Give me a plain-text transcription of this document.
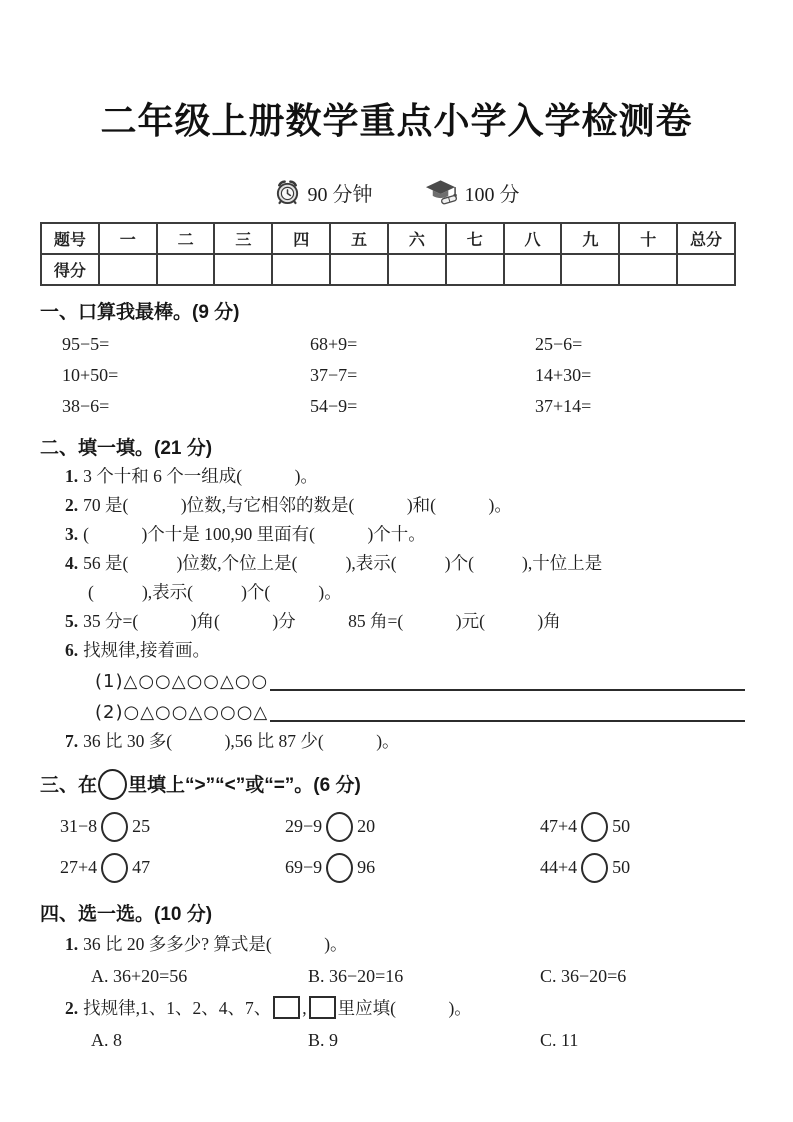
二年级上册数学重点小学入学检测卷
90 分钟	100 分
题号	一	二	三	四	五	六	七	八	九	十	总分
得分											
一、口算我最棒。(9 分)
95−5=	68+9=	25−6=
10+50=	37−7=	14+30=
38−6=	54−9=	37+14=
二、填一填。(21 分)
1. 3 个十和 6 个一组成(            )。
2. 70 是(            )位数,与它相邻的数是(            )和(            )。
3. (            )个十是 100,90 里面有(            )个十。
4. 56 是(           )位数,个位上是(           ),表示(           )个(           ),十位上是
(           ),表示(           )个(           )。
5. 35 分=(            )角(            )分            85 角=(            )元(            )角
6. 找规律,接着画。
(1)△○○△○○△○○
(2)○△○○△○○○△
7. 36 比 30 多(            ),56 比 87 少(            )。
三、在 里填上“>”“<”或“=”。(6 分)
31−8 25	29−9 20	47+4 50
27+4 47	69−9 96	44+4 50
四、选一选。(10 分)
1. 36 比 20 多多少? 算式是(            )。
A. 36+20=56	B. 36−20=16	C. 36−20=6
2. 找规律,1、1、2、4、7、 , 里应填(            )。
A. 8	B. 9	C. 11
